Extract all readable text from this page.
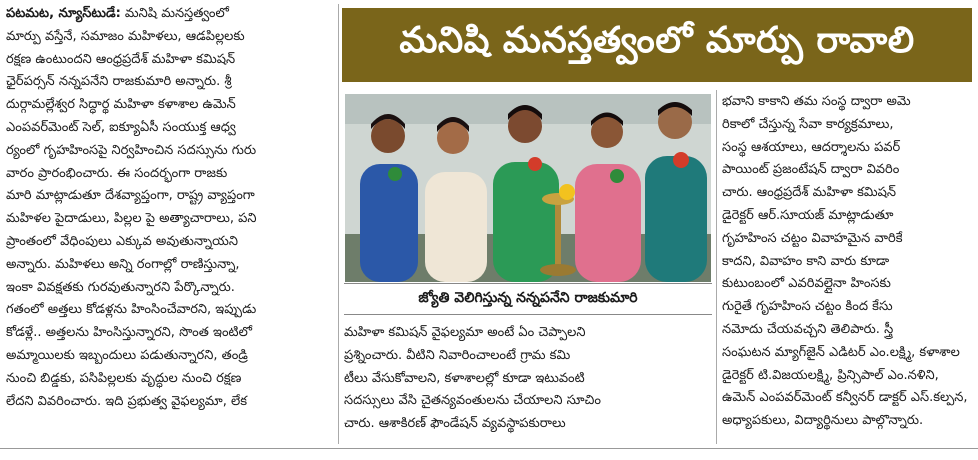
పటమట, న్యూస్‌టుడే: మనిషి మనస్తత్వంలో

మార్పు వస్తేనే, సమాజం మహిళలు, ఆడపిల్లలకు

రక్షణ ఉంటుందని ఆంధ్రప్రదేశ్ మహిళా కమిషన్

ఛైర్‌పర్సన్ నన్నపనేని రాజకుమారి అన్నారు. శ్రీ

దుర్గామల్లేశ్వర సిద్ధార్థ మహిళా కళాశాల ఉమెన్

ఎంపవర్‌మెంట్ సెల్, ఐక్యూఏసీ సంయుక్త ఆధ్వ

ర్యంలో గృహహింసపై నిర్వహించిన సదస్సును గురు

వారం ప్రారంభించారు. ఈ సందర్భంగా రాజకు

మారి మాట్లాడుతూ దేశవ్యాప్తంగా, రాష్ట్ర వ్యాప్తంగా

మహిళల పైదాడులు, పిల్లల పై అత్యాచారాలు, పని

ప్రాంతంలో వేధింపులు ఎక్కువ అవుతున్నాయని

అన్నారు. మహిళలు అన్ని రంగాల్లో రాణిస్తున్నా,

ఇంకా వివక్షతకు గురవుతున్నారని పేర్కొన్నారు.

గతంలో అత్తలు కోడళ్లను హింసించేవారని, ఇప్పుడు

కోడళ్లే.. అత్తలను హింసిస్తున్నారని, సొంత ఇంటిలో

అమ్మాయిలకు ఇబ్బందులు పడుతున్నారని, తండ్రి

నుంచి బిడ్డకు, పసిపిల్లలకు వృద్ధుల నుంచి రక్షణ

లేదని వివరించారు. ఇది ప్రభుత్వ వైఫల్యమా, లేక

మనిషి మనస్తత్వంలో మార్పు రావాలి
జ్యోతి వెలిగిస్తున్న నన్నపనేని రాజకుమారి

మహిళా కమిషన్ వైఫల్యమా అంటే ఏం చెప్పాలని

ప్రశ్నించారు. వీటిని నివారించాలంటే గ్రామ కమి

టీలు వేసుకోవాలని, కళాశాలల్లో కూడా ఇటువంటి

సదస్సులు వేసి చైతన్యవంతులను చేయాలని సూచిం

చారు. ఆశాకిరణ్ ఫౌండేషన్ వ్యవస్థాపకురాలు

భవాని కాకాని తమ సంస్థ ద్వారా అమె

రికాలో చేస్తున్న సేవా కార్యక్రమాలు,

సంస్థ ఆశయాలు, ఆదర్శాలను పవర్

పాయింట్ ప్రజంటేషన్ ద్వారా వివరిం

చారు. ఆంధ్రప్రదేశ్ మహిళా కమిషన్

డైరెక్టర్ ఆర్.సూయజ్ మాట్లాడుతూ

గృహహింస చట్టం వివాహమైన వారికే

కాదని, వివాహం కాని వారు కూడా

కుటుంబంలో ఎవరివల్లైనా హింసకు

గురైతే గృహహింస చట్టం కింద కేసు

నమోదు చేయవచ్చని తెలిపారు. స్త్రీ

సంఘటన మ్యాగ్‌జైన్ ఎడిటర్ ఎం.లక్ష్మి, కళాశాల

డైరెక్టర్ టి.విజయలక్ష్మి, ప్రిన్సిపాల్ ఎం.నళిని,

ఉమెన్ ఎంపవర్‌మెంట్ కన్వీనర్ డాక్టర్ ఎస్.కల్పన,

అధ్యాపకులు, విద్యార్థినులు పాల్గొన్నారు.
